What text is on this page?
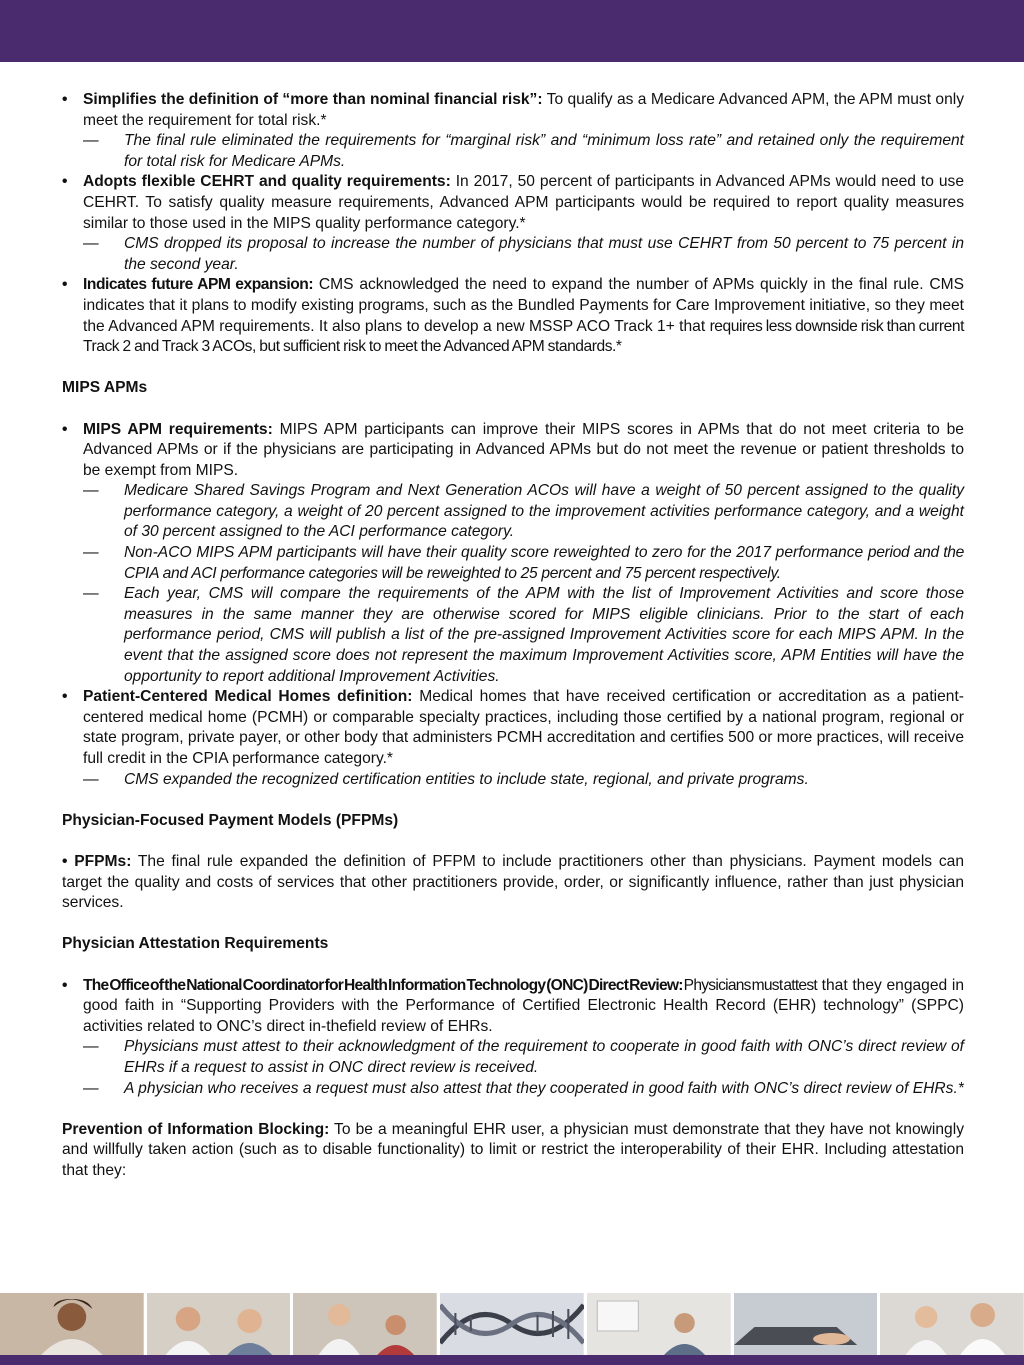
• Simplifies the definition of “more than nominal financial risk”: To qualify as a Medicare Advanced APM, the APM must only meet the requirement for total risk.*
— The final rule eliminated the requirements for “marginal risk” and “minimum loss rate” and retained only the requirement for total risk for Medicare APMs.
• Adopts flexible CEHRT and quality requirements: In 2017, 50 percent of participants in Advanced APMs would need to use CEHRT. To satisfy quality measure requirements, Advanced APM participants would be required to report quality measures similar to those used in the MIPS quality performance category.*
— CMS dropped its proposal to increase the number of physicians that must use CEHRT from 50 percent to 75 percent in the second year.
• Indicates future APM expansion: CMS acknowledged the need to expand the number of APMs quickly in the final rule. CMS indicates that it plans to modify existing programs, such as the Bundled Payments for Care Improvement initiative, so they meet the Advanced APM requirements. It also plans to develop a new MSSP ACO Track 1+ that requires less downside risk than current Track 2 and Track 3 ACOs, but sufficient risk to meet the Advanced APM standards.*
MIPS APMs
• MIPS APM requirements: MIPS APM participants can improve their MIPS scores in APMs that do not meet criteria to be Advanced APMs or if the physicians are participating in Advanced APMs but do not meet the revenue or patient thresholds to be exempt from MIPS.
— Medicare Shared Savings Program and Next Generation ACOs will have a weight of 50 percent assigned to the quality performance category, a weight of 20 percent assigned to the improvement activities performance category, and a weight of 30 percent assigned to the ACI performance category.
— Non-ACO MIPS APM participants will have their quality score reweighted to zero for the 2017 performance period and the CPIA and ACI performance categories will be reweighted to 25 percent and 75 percent respectively.
— Each year, CMS will compare the requirements of the APM with the list of Improvement Activities and score those measures in the same manner they are otherwise scored for MIPS eligible clinicians. Prior to the start of each performance period, CMS will publish a list of the pre-assigned Improvement Activities score for each MIPS APM. In the event that the assigned score does not represent the maximum Improvement Activities score, APM Entities will have the opportunity to report additional Improvement Activities.
• Patient-Centered Medical Homes definition: Medical homes that have received certification or accreditation as a patient-centered medical home (PCMH) or comparable specialty practices, including those certified by a national program, regional or state program, private payer, or other body that administers PCMH accreditation and certifies 500 or more practices, will receive full credit in the CPIA performance category.*
— CMS expanded the recognized certification entities to include state, regional, and private programs.
Physician-Focused Payment Models (PFPMs)
• PFPMs: The final rule expanded the definition of PFPM to include practitioners other than physicians. Payment models can target the quality and costs of services that other practitioners provide, order, or significantly influence, rather than just physician services.
Physician Attestation Requirements
• The Office of the National Coordinator for Health Information Technology (ONC) Direct Review: Physicians must attest that they engaged in good faith in “Supporting Providers with the Performance of Certified Electronic Health Record (EHR) technology” (SPPC) activities related to ONC’s direct in-thefield review of EHRs.
— Physicians must attest to their acknowledgment of the requirement to cooperate in good faith with ONC’s direct review of EHRs if a request to assist in ONC direct review is received.
— A physician who receives a request must also attest that they cooperated in good faith with ONC’s direct review of EHRs.*
Prevention of Information Blocking: To be a meaningful EHR user, a physician must demonstrate that they have not knowingly and willfully taken action (such as to disable functionality) to limit or restrict the interoperability of their EHR. Including attestation that they:
